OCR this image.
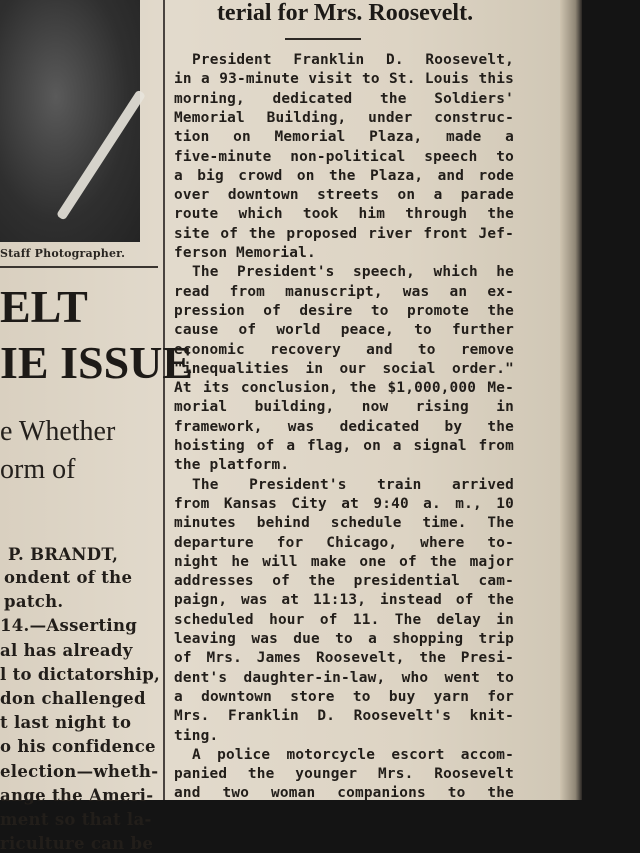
Staff Photographer.
ELT
IE ISSUE
e Whether
orm of
P. BRANDT,
ondent of the
patch.
14.—Asserting
al has already
l to dictatorship,
don challenged
t last night to
o his confidence
election—wheth-
ange the Ameri-
ment so that la-
riculture can be
terial for Mrs. Roosevelt.
President Franklin D. Roosevelt,
in a 93-minute visit to St. Louis this
morning, dedicated the Soldiers'
Memorial Building, under construc-
tion on Memorial Plaza, made a
five-minute non-political speech to
a big crowd on the Plaza, and rode
over downtown streets on a parade
route which took him through the
site of the proposed river front Jef-
ferson Memorial.
The President's speech, which he
read from manuscript, was an ex-
pression of desire to promote the
cause of world peace, to further
economic recovery and to remove
"inequalities in our social order."
At its conclusion, the $1,000,000 Me-
morial building, now rising in
framework, was dedicated by the
hoisting of a flag, on a signal from
the platform.
The President's train arrived
from Kansas City at 9:40 a. m., 10
minutes behind schedule time. The
departure for Chicago, where to-
night he will make one of the major
addresses of the presidential cam-
paign, was at 11:13, instead of the
scheduled hour of 11. The delay in
leaving was due to a shopping trip
of Mrs. James Roosevelt, the Presi-
dent's daughter-in-law, who went to
a downtown store to buy yarn for
Mrs. Franklin D. Roosevelt's knit-
ting.
A police motorcycle escort accom-
panied the younger Mrs. Roosevelt
and two woman companions to the
